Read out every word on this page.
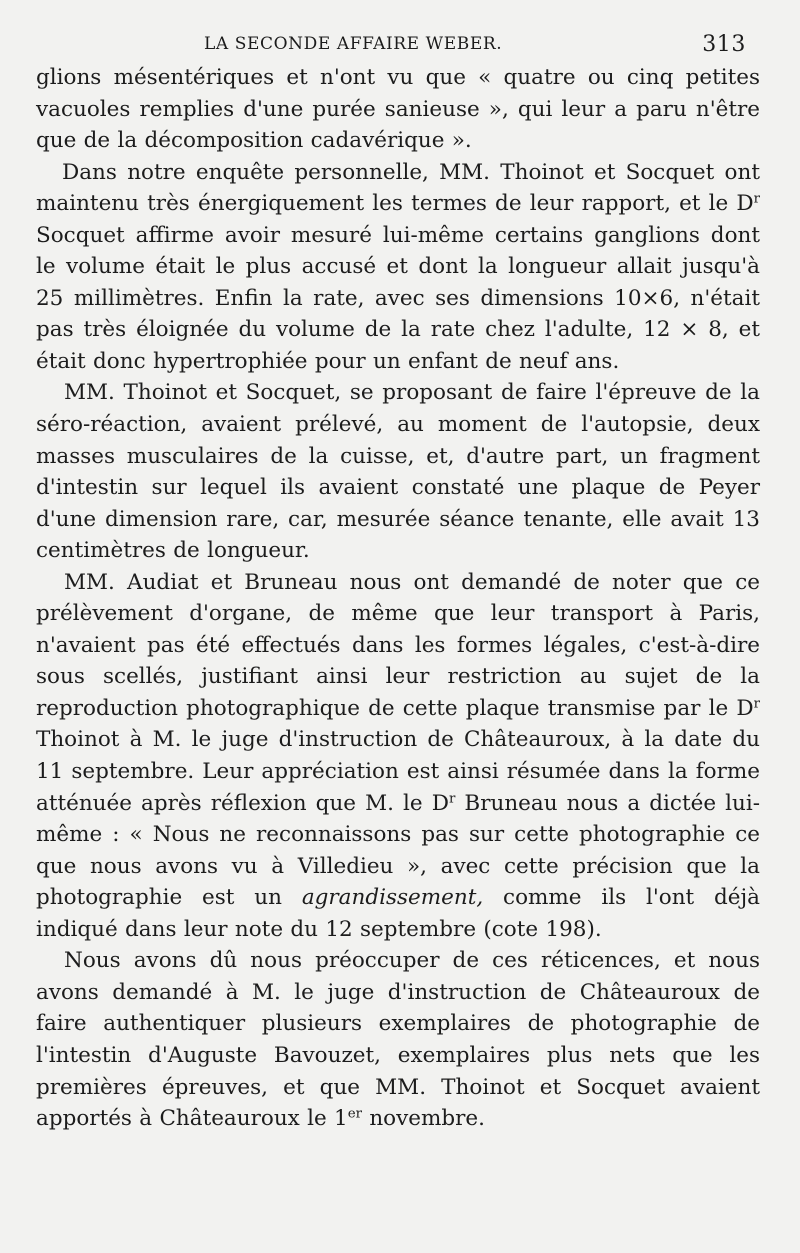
LA SECONDE AFFAIRE WEBER.	313

glions mésentériques et n'ont vu que « quatre ou cinq petites vacuoles remplies d'une purée sanieuse », qui leur a paru n'être que de la décomposition cadavérique ».

Dans notre enquête personnelle, MM. Thoinot et Socquet ont maintenu très énergiquement les termes de leur rapport, et le $D^r$ Socquet affirme avoir mesuré lui-même certains ganglions dont le volume était le plus accusé et dont la longueur allait jusqu'à 25 millimètres. Enfin la rate, avec ses dimensions 10×6, n'était pas très éloignée du volume de la rate chez l'adulte, 12 × 8, et était donc hypertrophiée pour un enfant de neuf ans.

MM. Thoinot et Socquet, se proposant de faire l'épreuve de la séro-réaction, avaient prélevé, au moment de l'autopsie, deux masses musculaires de la cuisse, et, d'autre part, un fragment d'intestin sur lequel ils avaient constaté une plaque de Peyer d'une dimension rare, car, mesurée séance tenante, elle avait 13 centimètres de longueur.

MM. Audiat et Bruneau nous ont demandé de noter que ce prélèvement d'organe, de même que leur transport à Paris, n'avaient pas été effectués dans les formes légales, c'est-à-dire sous scellés, justifiant ainsi leur restriction au sujet de la reproduction photographique de cette plaque transmise par le $D^r$ Thoinot à M. le juge d'instruction de Châteauroux, à la date du 11 septembre. Leur appréciation est ainsi résumée dans la forme atténuée après réflexion que M. le $D^r$ Bruneau nous a dictée lui-même : « Nous ne reconnaissons pas sur cette photographie ce que nous avons vu à Villedieu », avec cette précision que la photographie est un agrandissement, comme ils l'ont déjà indiqué dans leur note du 12 septembre (cote 198).

Nous avons dû nous préoccuper de ces réticences, et nous avons demandé à M. le juge d'instruction de Châteauroux de faire authentiquer plusieurs exemplaires de photographie de l'intestin d'Auguste Bavouzet, exemplaires plus nets que les premières épreuves, et que MM. Thoinot et Socquet avaient apportés à Châteauroux le 1er novembre.
